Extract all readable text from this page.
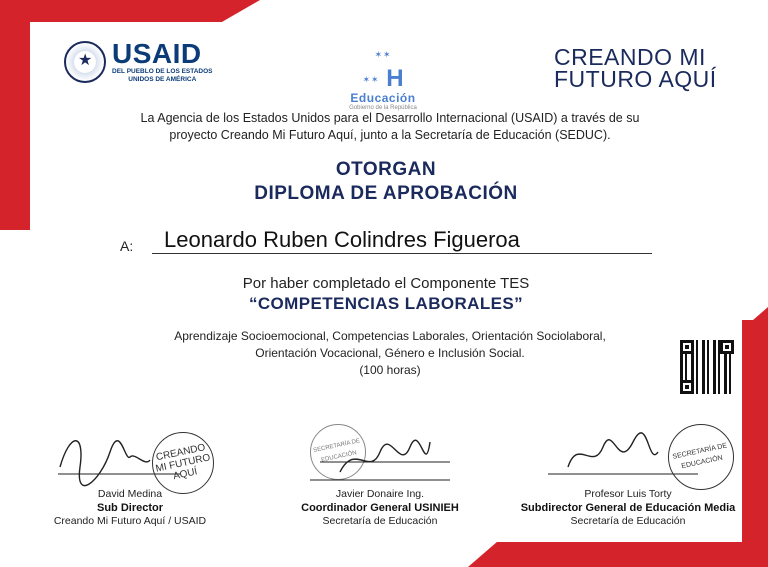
★
USAID
DEL PUEBLO DE LOS ESTADOS
UNIDOS DE AMÉRICA
✶✶
✶✶ H
Educación
Gobierno de la República
CREANDO MI
FUTURO AQUÍ
La Agencia de los Estados Unidos para el Desarrollo Internacional (USAID) a través de su
proyecto Creando Mi Futuro Aquí, junto a la Secretaría de Educación (SEDUC).
OTORGAN
DIPLOMA DE APROBACIÓN
A:	Leonardo Ruben Colindres Figueroa
Por haber completado el Componente TES
“COMPETENCIAS LABORALES”
Aprendizaje Socioemocional, Competencias Laborales, Orientación Sociolaboral,
Orientación Vocacional, Género e Inclusión Social.
(100 horas)
CREANDO MI FUTURO AQUÍ
David Medina
Sub Director
Creando Mi Futuro Aquí / USAID
SECRETARÍA DE EDUCACIÓN
Javier Donaire Ing.
Coordinador General USINIEH
Secretaría de Educación
SECRETARÍA DE EDUCACIÓN
Profesor Luis Torty
Subdirector General de Educación Media
Secretaría de Educación
